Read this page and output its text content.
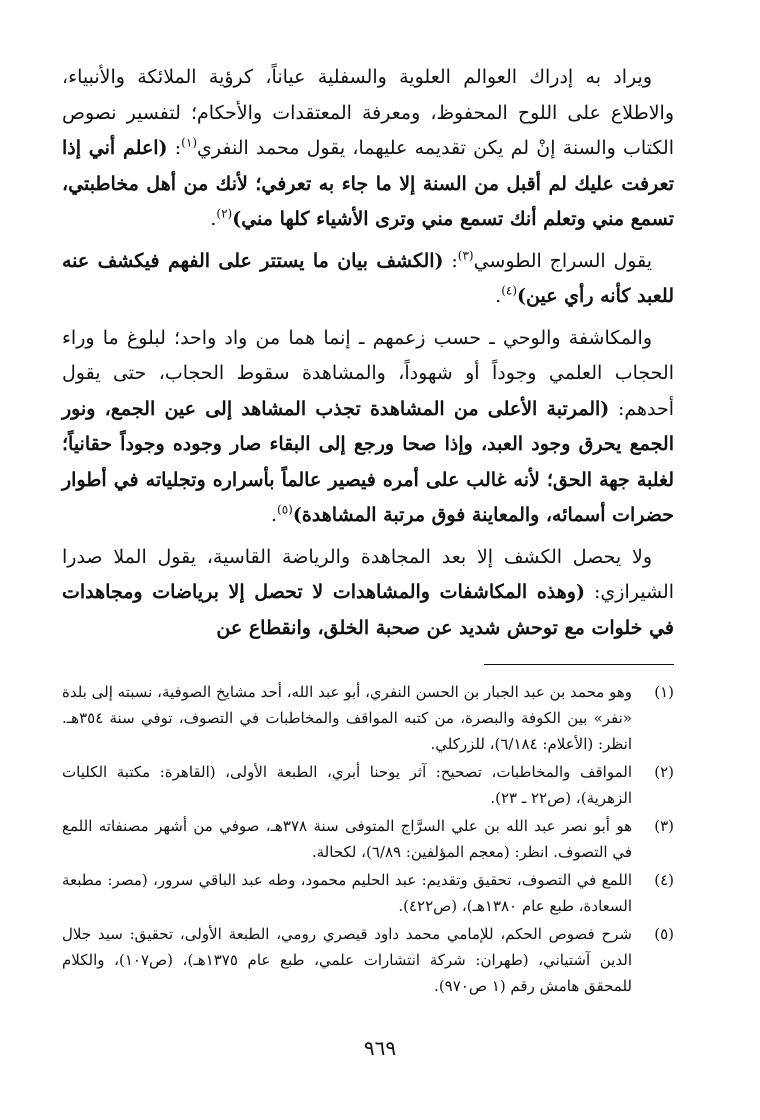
ويراد به إدراك العوالم العلوية والسفلية عياناً، كرؤية الملائكة والأنبياء، والاطلاع على اللوح المحفوظ، ومعرفة المعتقدات والأحكام؛ لتفسير نصوص الكتاب والسنة إنْ لم يكن تقديمه عليهما، يقول محمد النفري$^{(١)}$: (اعلم أني إذا تعرفت عليك لم أقبل من السنة إلا ما جاء به تعرفي؛ لأنك من أهل مخاطبتي، تسمع مني وتعلم أنك تسمع مني وترى الأشياء كلها مني)$^{(٢)}$.

يقول السراج الطوسي$^{(٣)}$: (الكشف بيان ما يستتر على الفهم فيكشف عنه للعبد كأنه رأي عين)$^{(٤)}$.

والمكاشفة والوحي ـ حسب زعمهم ـ إنما هما من واد واحد؛ لبلوغ ما وراء الحجاب العلمي وجوداً أو شهوداً، والمشاهدة سقوط الحجاب، حتى يقول أحدهم: (المرتبة الأعلى من المشاهدة تجذب المشاهد إلى عين الجمع، ونور الجمع يحرق وجود العبد، وإذا صحا ورجع إلى البقاء صار وجوده وجوداً حقانياً؛ لغلبة جهة الحق؛ لأنه غالب على أمره فيصير عالماً بأسراره وتجلياته في أطوار حضرات أسمائه، والمعاينة فوق مرتبة المشاهدة)$^{(٥)}$.

ولا يحصل الكشف إلا بعد المجاهدة والرياضة القاسية، يقول الملا صدرا الشيرازي: (وهذه المكاشفات والمشاهدات لا تحصل إلا برياضات ومجاهدات في خلوات مع توحش شديد عن صحبة الخلق، وانقطاع عن

(١)
وهو محمد بن عبد الجبار بن الحسن النفري، أبو عبد الله، أحد مشايخ الصوفية، نسبته إلى بلدة «نفر» بين الكوفة والبصرة، من كتبه المواقف والمخاطبات في التصوف، توفي سنة ٣٥٤هـ. انظر: (الأعلام: ٦/١٨٤)، للزركلي.
(٢)
المواقف والمخاطبات، تصحيح: آثر يوحنا أبري، الطبعة الأولى، (القاهرة: مكتبة الكليات الزهرية)، (ص٢٢ ـ ٢٣).
(٣)
هو أبو نصر عبد الله بن علي السرَّاج المتوفى سنة ٣٧٨هـ، صوفي من أشهر مصنفاته اللمع في التصوف. انظر: (معجم المؤلفين: ٦/٨٩)، لكحالة.
(٤)
اللمع في التصوف، تحقيق وتقديم: عبد الحليم محمود، وطه عبد الباقي سرور، (مصر: مطبعة السعادة، طبع عام ١٣٨٠هـ)، (ص٤٢٢).
(٥)
شرح فصوص الحكم، للإمامي محمد داود قيصري رومي، الطبعة الأولى، تحقيق: سيد جلال الدين آشتياني، (طهران: شركة انتشارات علمي، طبع عام ١٣٧٥هـ)، (ص١٠٧)، والكلام للمحقق هامش رقم (١ ص٩٧٠).
٩٦٩
